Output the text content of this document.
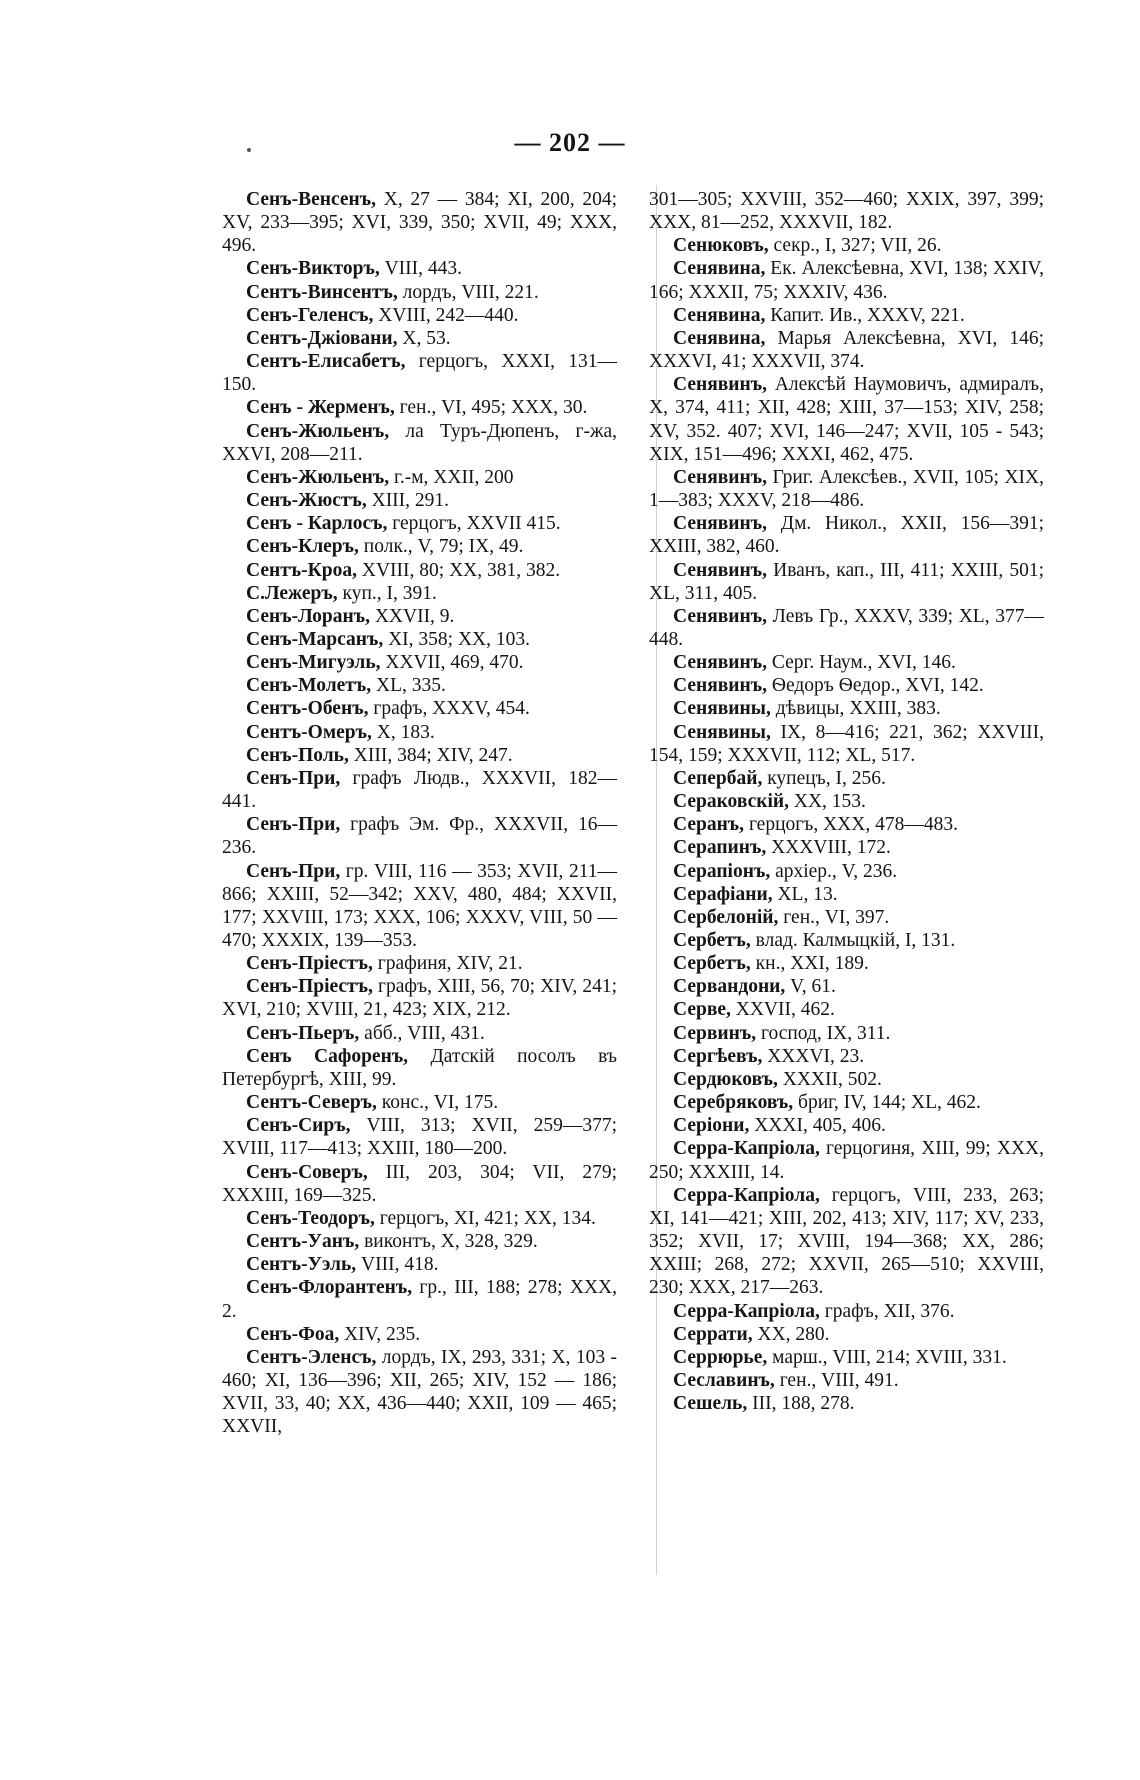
— 202 —

Сенъ-Венсенъ, X, 27 — 384; XI, 200, 204; XV, 233—395; XVI, 339, 350; XVII, 49; XXX, 496.

Сенъ-Викторъ, VIII, 443.

Сентъ-Винсентъ, лордъ, VIII, 221.

Сенъ-Геленсъ, XVIII, 242—440.

Сентъ-Джіовани, X, 53.

Сентъ-Елисабетъ, герцогъ, XXXI, 131—150.

Сенъ - Жерменъ, ген., VI, 495; XXX, 30.

Сенъ-Жюльенъ, ла Туръ-Дюпенъ, г-жа, XXVI, 208—211.

Сенъ-Жюльенъ, г.-м, XXII, 200

Сенъ-Жюстъ, XIII, 291.

Сенъ - Карлосъ, герцогъ, XXVII 415.

Сенъ-Клеръ, полк., V, 79; IX, 49.

Сентъ-Кроа, XVIII, 80; XX, 381, 382.

С.Лежеръ, куп., I, 391.

Сенъ-Лоранъ, XXVII, 9.

Сенъ-Марсанъ, XI, 358; XX, 103.

Сенъ-Мигуэль, XXVII, 469, 470.

Сенъ-Молетъ, XL, 335.

Сентъ-Обенъ, графъ, XXXV, 454.

Сентъ-Омеръ, X, 183.

Сенъ-Поль, XIII, 384; XIV, 247.

Сенъ-При, графъ Людв., XXXVII, 182—441.

Сенъ-При, графъ Эм. Фр., XXXVII, 16—236.

Сенъ-При, гр. VIII, 116 — 353; XVII, 211—866; XXIII, 52—342; XXV, 480, 484; XXVII, 177; XXVIII, 173; XXX, 106; XXXV, VIII, 50 — 470; XXXIX, 139—353.

Сенъ-Пріестъ, графиня, XIV, 21.

Сенъ-Пріестъ, графъ, XIII, 56, 70; XIV, 241; XVI, 210; XVIII, 21, 423; XIX, 212.

Сенъ-Пьеръ, абб., VIII, 431.

Сенъ Сафоренъ, Датскій посолъ въ Петербургѣ, XIII, 99.

Сентъ-Северъ, конс., VI, 175.

Сенъ-Сиръ, VIII, 313; XVII, 259—377; XVIII, 117—413; XXIII, 180—200.

Сенъ-Соверъ, III, 203, 304; VII, 279; XXXIII, 169—325.

Сенъ-Теодоръ, герцогъ, XI, 421; XX, 134.

Сентъ-Уанъ, виконтъ, X, 328, 329.

Сентъ-Уэль, VIII, 418.

Сенъ-Флорантенъ, гр., III, 188; 278; XXX, 2.

Сенъ-Фоа, XIV, 235.

Сентъ-Эленсъ, лордъ, IX, 293, 331; X, 103 - 460; XI, 136—396; XII, 265; XIV, 152 — 186; XVII, 33, 40; XX, 436—440; XXII, 109 — 465; XXVII,

301—305; XXVIII, 352—460; XXIX, 397, 399; XXX, 81—252, XXXVII, 182.

Сенюковъ, секр., I, 327; VII, 26.

Сенявина, Ек. Алексѣевна, XVI, 138; XXIV, 166; XXXII, 75; XXXIV, 436.

Сенявина, Капит. Ив., XXXV, 221.

Сенявина, Марья Алексѣевна, XVI, 146; XXXVI, 41; XXXVII, 374.

Сенявинъ, Алексѣй Наумовичъ, адмиралъ, X, 374, 411; XII, 428; XIII, 37—153; XIV, 258; XV, 352. 407; XVI, 146—247; XVII, 105 - 543; XIX, 151—496; XXXI, 462, 475.

Сенявинъ, Григ. Алексѣев., XVII, 105; XIX, 1—383; XXXV, 218—486.

Сенявинъ, Дм. Никол., XXII, 156—391; XXIII, 382, 460.

Сенявинъ, Иванъ, кап., III, 411; XXIII, 501; XL, 311, 405.

Сенявинъ, Левъ Гр., XXXV, 339; XL, 377—448.

Сенявинъ, Серг. Наум., XVI, 146.

Сенявинъ, Ѳедоръ Ѳедор., XVI, 142.

Сенявины, дѣвицы, XXIII, 383.

Сенявины, IX, 8—416; 221, 362; XXVIII, 154, 159; XXXVII, 112; XL, 517.

Сепербай, купецъ, I, 256.

Сераковскій, XX, 153.

Серанъ, герцогъ, XXX, 478—483.

Серапинъ, XXXVIII, 172.

Серапіонъ, архіер., V, 236.

Серафіани, XL, 13.

Сербелоній, ген., VI, 397.

Сербетъ, влад. Калмыцкій, I, 131.

Сербетъ, кн., XXI, 189.

Сервандони, V, 61.

Серве, XXVII, 462.

Сервинъ, господ, IX, 311.

Сергѣевъ, XXXVI, 23.

Сердюковъ, XXXII, 502.

Серебряковъ, бриг, IV, 144; XL, 462.

Серіони, XXXI, 405, 406.

Серра-Капріола, герцогиня, XIII, 99; XXX, 250; XXXIII, 14.

Серра-Капріола, герцогъ, VIII, 233, 263; XI, 141—421; XIII, 202, 413; XIV, 117; XV, 233, 352; XVII, 17; XVIII, 194—368; XX, 286; XXIII; 268, 272; XXVII, 265—510; XXVIII, 230; XXX, 217—263.

Серра-Капріола, графъ, XII, 376.

Серрати, XX, 280.

Серрюрье, марш., VIII, 214; XVIII, 331.

Сеславинъ, ген., VIII, 491.

Сешель, III, 188, 278.
